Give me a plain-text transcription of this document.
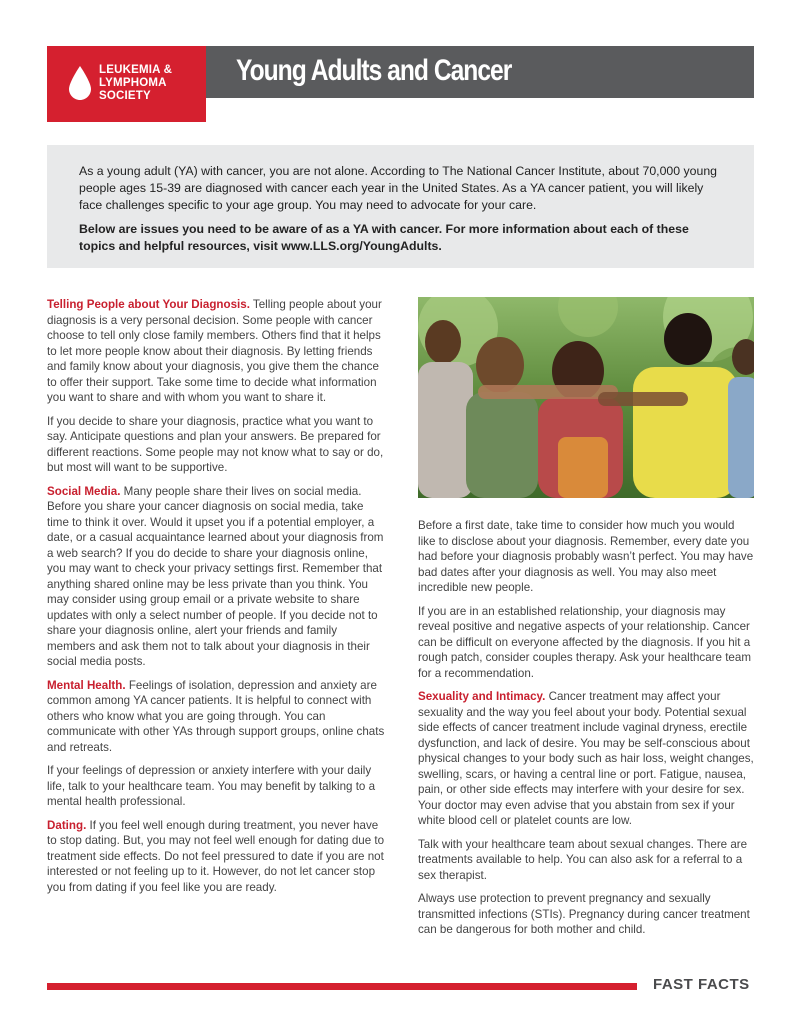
LEUKEMIA &
LYMPHOMA
SOCIETY
Young Adults and Cancer

As a young adult (YA) with cancer, you are not alone. According to The National Cancer Institute, about 70,000 young people ages 15-39 are diagnosed with cancer each year in the United States. As a YA cancer patient, you will likely face challenges specific to your age group. You may need to advocate for your care.

Below are issues you need to be aware of as a YA with cancer. For more information about each of these topics and helpful resources, visit www.LLS.org/YoungAdults.

Telling People about Your Diagnosis. Telling people about your diagnosis is a very personal decision. Some people with cancer choose to tell only close family members. Others find that it helps to let more people know about their diagnosis. By letting friends and family know about your diagnosis, you give them the chance to offer their support. Take some time to decide what information you want to share and with whom you want to share it.

If you decide to share your diagnosis, practice what you want to say. Anticipate questions and plan your answers. Be prepared for different reactions. Some people may not know what to say or do, but most will want to be supportive.

Social Media. Many people share their lives on social media. Before you share your cancer diagnosis on social media, take time to think it over. Would it upset you if a potential employer, a date, or a casual acquaintance learned about your diagnosis from a web search? If you do decide to share your diagnosis online, you may want to check your privacy settings first. Remember that anything shared online may be less private than you think. You may consider using group email or a private website to share updates with only a select number of people. If you decide not to share your diagnosis online, alert your friends and family members and ask them not to talk about your diagnosis in their social media posts.

Mental Health. Feelings of isolation, depression and anxiety are common among YA cancer patients. It is helpful to connect with others who know what you are going through. You can communicate with other YAs through support groups, online chats and retreats.

If your feelings of depression or anxiety interfere with your daily life, talk to your healthcare team. You may benefit by talking to a mental health professional.

Dating. If you feel well enough during treatment, you never have to stop dating. But, you may not feel well enough for dating due to treatment side effects. Do not feel pressured to date if you are not interested or not feeling up to it. However, do not let cancer stop you from dating if you feel like you are ready.

Before a first date, take time to consider how much you would like to disclose about your diagnosis. Remember, every date you had before your diagnosis probably wasn’t perfect. You may have bad dates after your diagnosis as well. You may also meet incredible new people.

If you are in an established relationship, your diagnosis may reveal positive and negative aspects of your relationship. Cancer can be difficult on everyone affected by the diagnosis. If you hit a rough patch, consider couples therapy. Ask your healthcare team for a recommendation.

Sexuality and Intimacy. Cancer treatment may affect your sexuality and the way you feel about your body. Potential sexual side effects of cancer treatment include vaginal dryness, erectile dysfunction, and lack of desire. You may be self-conscious about physical changes to your body such as hair loss, weight changes, swelling, scars, or having a central line or port. Fatigue, nausea, pain, or other side effects may interfere with your desire for sex. Your doctor may even advise that you abstain from sex if your white blood cell or platelet counts are low.

Talk with your healthcare team about sexual changes. There are treatments available to help. You can also ask for a referral to a sex therapist.

Always use protection to prevent pregnancy and sexually transmitted infections (STIs). Pregnancy during cancer treatment can be dangerous for both mother and child.

FAST FACTS
